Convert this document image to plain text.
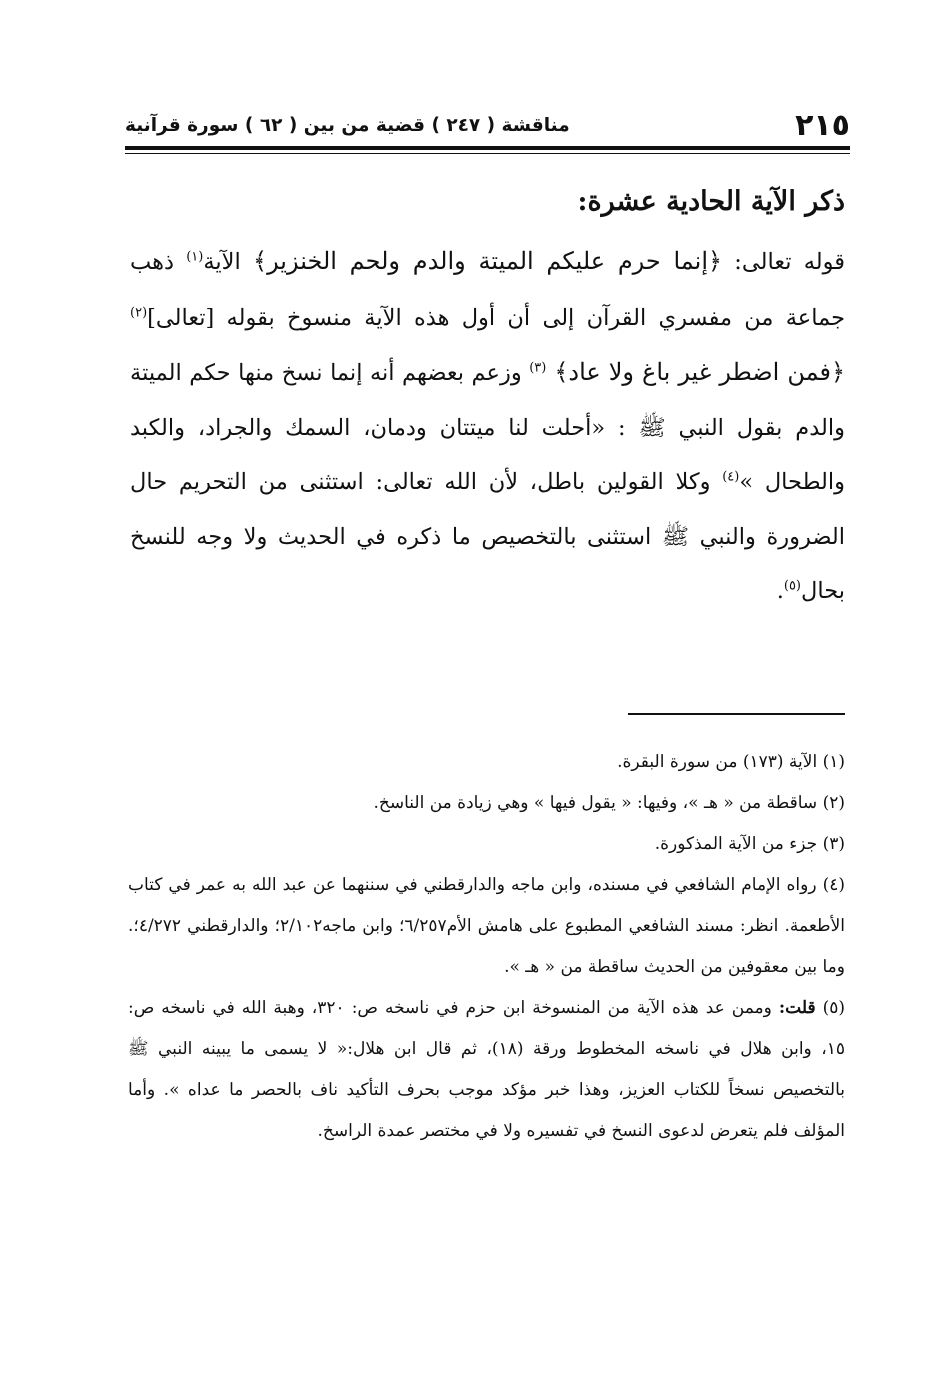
٢١٥
مناقشة ( ٢٤٧ ) قضية من بين ( ٦٢ ) سورة قرآنية
ذكر الآية الحادية عشرة:

قوله تعالى: ﴿إنما حرم عليكم الميتة والدم ولحم الخنزير﴾ الآية$^{(١)}$ ذهب جماعة من مفسري القرآن إلى أن أول هذه الآية منسوخ بقوله [تعالى]$^{(٢)}$ ﴿فمن اضطر غير باغ ولا عاد﴾ $^{(٣)}$ وزعم بعضهم أنه إنما نسخ منها حكم الميتة والدم بقول النبي ﷺ : «أحلت لنا ميتتان ودمان، السمك والجراد، والكبد والطحال »$^{(٤)}$ وكلا القولين باطل، لأن الله تعالى: استثنى من التحريم حال الضرورة والنبي ﷺ استثنى بالتخصيص ما ذكره في الحديث ولا وجه للنسخ بحال$^{(٥)}$.

(١) الآية (١٧٣) من سورة البقرة.

(٢) ساقطة من « هـ »، وفيها: « يقول فيها » وهي زيادة من الناسخ.

(٣) جزء من الآية المذكورة.

(٤) رواه الإمام الشافعي في مسنده، وابن ماجه والدارقطني في سننهما عن عبد الله به عمر في كتاب الأطعمة. انظر: مسند الشافعي المطبوع على هامش الأم٦/٢٥٧؛ وابن ماجه٢/١٠٢؛ والدارقطني ٤/٢٧٢؛. وما بين معقوفين من الحديث ساقطة من « هـ ».

(٥) قلت: وممن عد هذه الآية من المنسوخة ابن حزم في ناسخه ص: ٣٢٠، وهبة الله في ناسخه ص: ١٥، وابن هلال في ناسخه المخطوط ورقة (١٨)، ثم قال ابن هلال:« لا يسمى ما يبينه النبي ﷺ بالتخصيص نسخاً للكتاب العزيز، وهذا خبر مؤكد موجب بحرف التأكيد ناف بالحصر ما عداه ». وأما المؤلف فلم يتعرض لدعوى النسخ في تفسيره ولا في مختصر عمدة الراسخ.
